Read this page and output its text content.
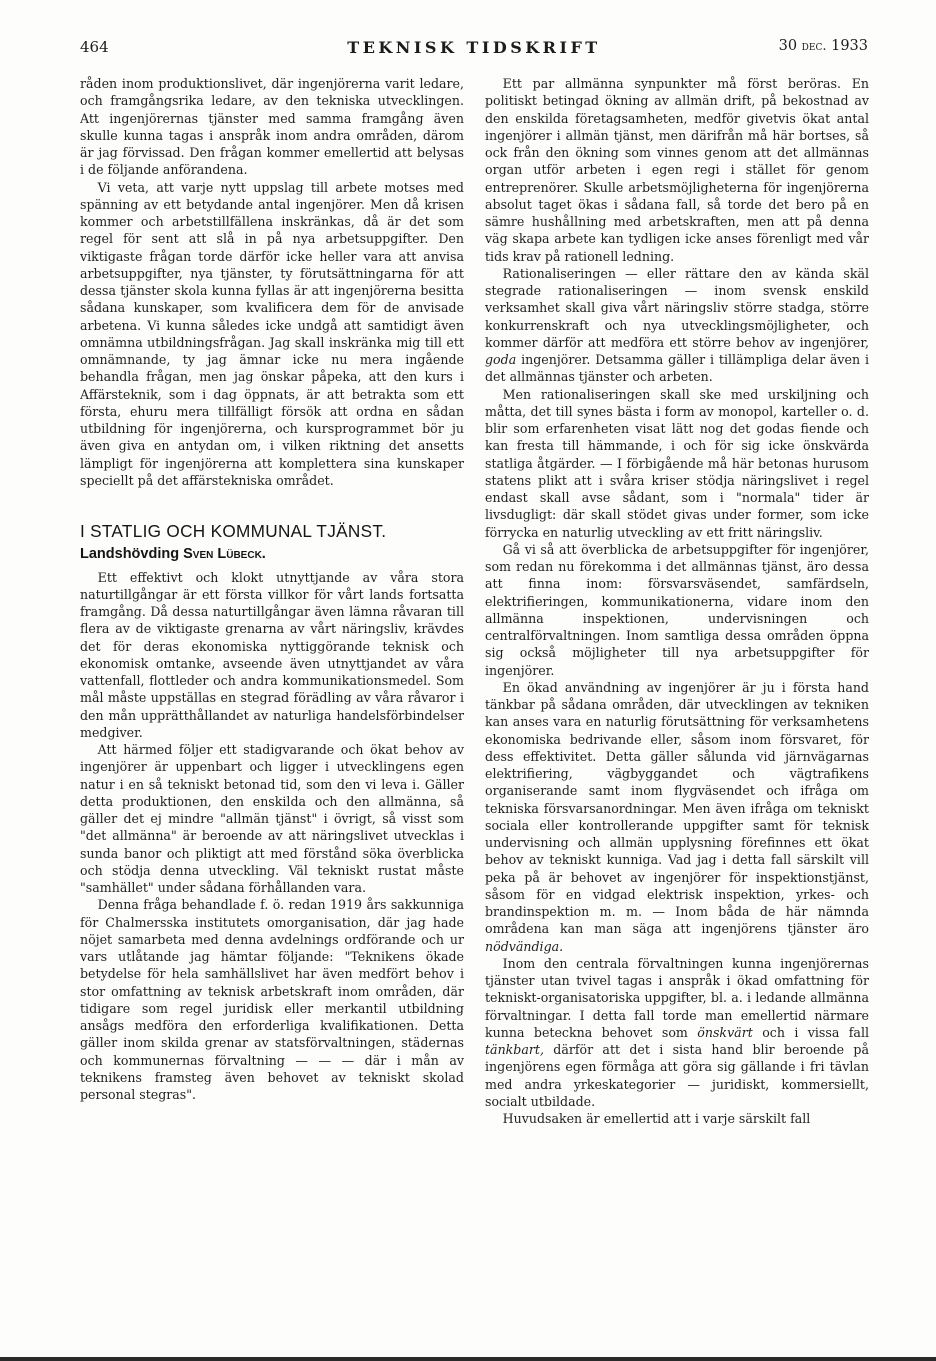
464	TEKNISK TIDSKRIFT	30 dec. 1933

råden inom produktionslivet, där ingenjörerna varit ledare, och framgångsrika ledare, av den tekniska utvecklingen. Att ingenjörernas tjänster med samma framgång även skulle kunna tagas i anspråk inom andra områden, därom är jag förvissad. Den frågan kommer emellertid att belysas i de följande anförandena.

Vi veta, att varje nytt uppslag till arbete motses med spänning av ett betydande antal ingenjörer. Men då krisen kommer och arbetstillfällena inskränkas, då är det som regel för sent att slå in på nya arbetsuppgifter. Den viktigaste frågan torde därför icke heller vara att anvisa arbetsuppgifter, nya tjänster, ty förutsättningarna för att dessa tjänster skola kunna fyllas är att ingenjörerna besitta sådana kunskaper, som kvalificera dem för de anvisade arbetena. Vi kunna således icke undgå att samtidigt även omnämna utbildningsfrågan. Jag skall inskränka mig till ett omnämnande, ty jag ämnar icke nu mera ingående behandla frågan, men jag önskar påpeka, att den kurs i Affärsteknik, som i dag öppnats, är att betrakta som ett första, ehuru mera tillfälligt försök att ordna en sådan utbildning för ingenjörerna, och kursprogrammet bör ju även giva en antydan om, i vilken riktning det ansetts lämpligt för ingenjörerna att komplettera sina kunskaper speciellt på det affärstekniska området.

I STATLIG OCH KOMMUNAL TJÄNST.
Landshövding Sven Lübeck.

Ett effektivt och klokt utnyttjande av våra stora naturtillgångar är ett första villkor för vårt lands fortsatta framgång. Då dessa naturtillgångar även lämna råvaran till flera av de viktigaste grenarna av vårt näringsliv, krävdes det för deras ekonomiska nyttiggörande teknisk och ekonomisk omtanke, avseende även utnyttjandet av våra vattenfall, flottleder och andra kommunikationsmedel. Som mål måste uppställas en stegrad förädling av våra råvaror i den mån upprätthållandet av naturliga handelsförbindelser medgiver.

Att härmed följer ett stadigvarande och ökat behov av ingenjörer är uppenbart och ligger i utvecklingens egen natur i en så tekniskt betonad tid, som den vi leva i. Gäller detta produktionen, den enskilda och den allmänna, så gäller det ej mindre "allmän tjänst" i övrigt, så visst som "det allmänna" är beroende av att näringslivet utvecklas i sunda banor och pliktigt att med förstånd söka överblicka och stödja denna utveckling. Väl tekniskt rustat måste "samhället" under sådana förhållanden vara.

Denna fråga behandlade f. ö. redan 1919 års sakkunniga för Chalmersska institutets omorganisation, där jag hade nöjet samarbeta med denna avdelnings ordförande och ur vars utlåtande jag hämtar följande: "Teknikens ökade betydelse för hela samhällslivet har även medfört behov i stor omfattning av teknisk arbetskraft inom områden, där tidigare som regel juridisk eller merkantil utbildning ansågs medföra den erforderliga kvalifikationen. Detta gäller inom skilda grenar av statsförvaltningen, städernas och kommunernas förvaltning — — — där i mån av teknikens framsteg även behovet av tekniskt skolad personal stegras".

Ett par allmänna synpunkter må först beröras. En politiskt betingad ökning av allmän drift, på bekostnad av den enskilda företagsamheten, medför givetvis ökat antal ingenjörer i allmän tjänst, men därifrån må här bortses, så ock från den ökning som vinnes genom att det allmännas organ utför arbeten i egen regi i stället för genom entreprenörer. Skulle arbetsmöjligheterna för ingenjörerna absolut taget ökas i sådana fall, så torde det bero på en sämre hushållning med arbetskraften, men att på denna väg skapa arbete kan tydligen icke anses förenligt med vår tids krav på rationell ledning.

Rationaliseringen — eller rättare den av kända skäl stegrade rationaliseringen — inom svensk enskild verksamhet skall giva vårt näringsliv större stadga, större konkurrenskraft och nya utvecklingsmöjligheter, och kommer därför att medföra ett större behov av ingenjörer, goda ingenjörer. Detsamma gäller i tillämpliga delar även i det allmännas tjänster och arbeten.

Men rationaliseringen skall ske med urskiljning och måtta, det till synes bästa i form av monopol, karteller o. d. blir som erfarenheten visat lätt nog det godas fiende och kan fresta till hämmande, i och för sig icke önskvärda statliga åtgärder. — I förbigående må här betonas hurusom statens plikt att i svåra kriser stödja näringslivet i regel endast skall avse sådant, som i "normala" tider är livsdugligt: där skall stödet givas under former, som icke förrycka en naturlig utveckling av ett fritt näringsliv.

Gå vi så att överblicka de arbetsuppgifter för ingenjörer, som redan nu förekomma i det allmännas tjänst, äro dessa att finna inom: försvarsväsendet, samfärdseln, elektrifieringen, kommunikationerna, vidare inom den allmänna inspektionen, undervisningen och centralförvaltningen. Inom samtliga dessa områden öppna sig också möjligheter till nya arbetsuppgifter för ingenjörer.

En ökad användning av ingenjörer är ju i första hand tänkbar på sådana områden, där utvecklingen av tekniken kan anses vara en naturlig förutsättning för verksamhetens ekonomiska bedrivande eller, såsom inom försvaret, för dess effektivitet. Detta gäller sålunda vid järnvägarnas elektrifiering, vägbyggandet och vägtrafikens organiserande samt inom flygväsendet och ifråga om tekniska försvarsanordningar. Men även ifråga om tekniskt sociala eller kontrollerande uppgifter samt för teknisk undervisning och allmän upplysning förefinnes ett ökat behov av tekniskt kunniga. Vad jag i detta fall särskilt vill peka på är behovet av ingenjörer för inspektionstjänst, såsom för en vidgad elektrisk inspektion, yrkes- och brandinspektion m. m. — Inom båda de här nämnda områdena kan man säga att ingenjörens tjänster äro nödvändiga.

Inom den centrala förvaltningen kunna ingenjörernas tjänster utan tvivel tagas i anspråk i ökad omfattning för tekniskt-organisatoriska uppgifter, bl. a. i ledande allmänna förvaltningar. I detta fall torde man emellertid närmare kunna beteckna behovet som önskvärt och i vissa fall tänkbart, därför att det i sista hand blir beroende på ingenjörens egen förmåga att göra sig gällande i fri tävlan med andra yrkeskategorier — juridiskt, kommersiellt, socialt utbildade.

Huvudsaken är emellertid att i varje särskilt fall
